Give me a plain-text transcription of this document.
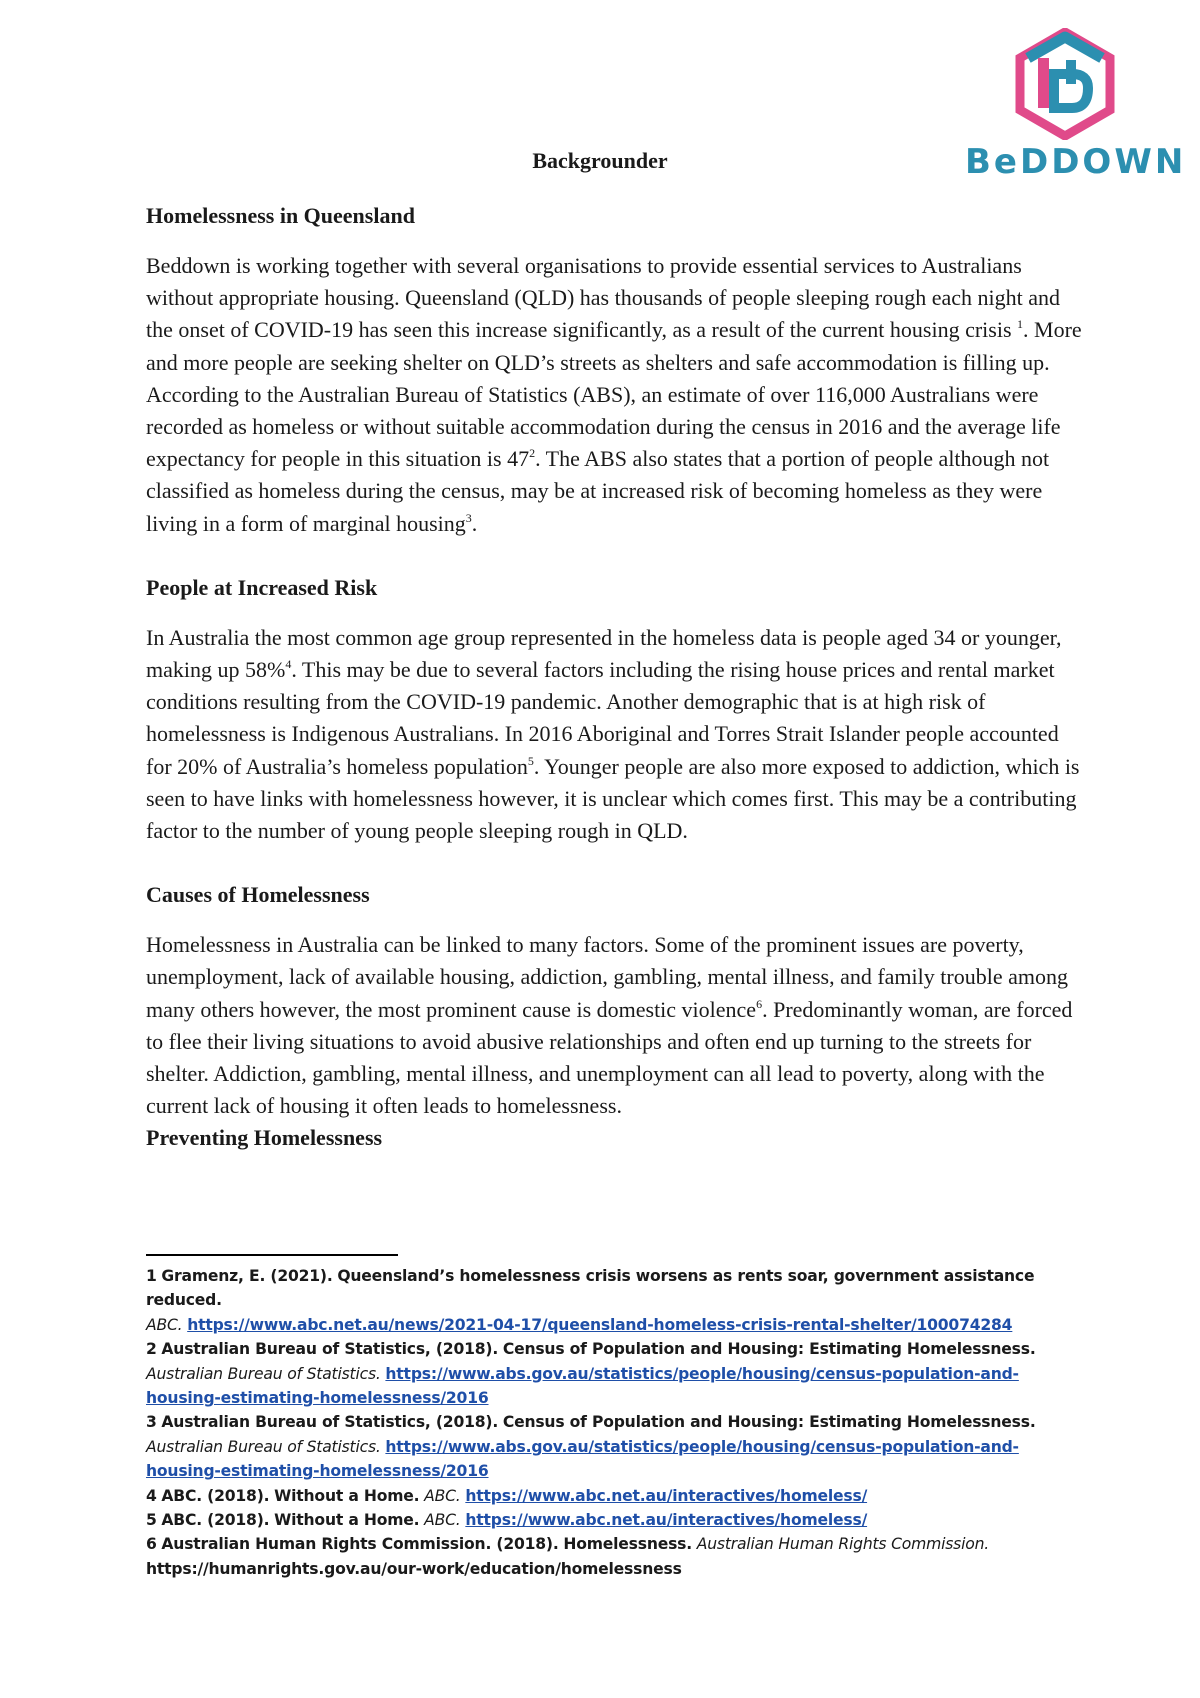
BeDDOWN
Backgrounder
Homelessness in Queensland

Beddown is working together with several organisations to provide essential services to Australians without appropriate housing. Queensland (QLD) has thousands of people sleeping rough each night and the onset of COVID-19 has seen this increase significantly, as a result of the current housing crisis $^1$. More and more people are seeking shelter on QLD’s streets as shelters and safe accommodation is filling up. According to the Australian Bureau of Statistics (ABS), an estimate of over 116,000 Australians were recorded as homeless or without suitable accommodation during the census in 2016 and the average life expectancy for people in this situation is $47^2$. The ABS also states that a portion of people although not classified as homeless during the census, may be at increased risk of becoming homeless as they were living in a form of marginal housing$^3$.

People at Increased Risk

In Australia the most common age group represented in the homeless data is people aged 34 or younger, making up 58%$^4$. This may be due to several factors including the rising house prices and rental market conditions resulting from the COVID-19 pandemic. Another demographic that is at high risk of homelessness is Indigenous Australians. In 2016 Aboriginal and Torres Strait Islander people accounted for 20% of Australia’s homeless population$^5$. Younger people are also more exposed to addiction, which is seen to have links with homelessness however, it is unclear which comes first. This may be a contributing factor to the number of young people sleeping rough in QLD.

Causes of Homelessness

Homelessness in Australia can be linked to many factors. Some of the prominent issues are poverty, unemployment, lack of available housing, addiction, gambling, mental illness, and family trouble among many others however, the most prominent cause is domestic violence$^6$. Predominantly woman, are forced to flee their living situations to avoid abusive relationships and often end up turning to the streets for shelter. Addiction, gambling, mental illness, and unemployment can all lead to poverty, along with the current lack of housing it often leads to homelessness.

Preventing Homelessness

1 Gramenz, E. (2021). Queensland’s homelessness crisis worsens as rents soar, government assistance reduced.
ABC. https://www.abc.net.au/news/2021-04-17/queensland-homeless-crisis-rental-shelter/100074284

2 Australian Bureau of Statistics, (2018). Census of Population and Housing: Estimating Homelessness.
Australian Bureau of Statistics. https://www.abs.gov.au/statistics/people/housing/census-population-and-housing-estimating-homelessness/2016

3 Australian Bureau of Statistics, (2018). Census of Population and Housing: Estimating Homelessness.
Australian Bureau of Statistics. https://www.abs.gov.au/statistics/people/housing/census-population-and-housing-estimating-homelessness/2016

4 ABC. (2018). Without a Home. ABC. https://www.abc.net.au/interactives/homeless/

5 ABC. (2018). Without a Home. ABC. https://www.abc.net.au/interactives/homeless/

6 Australian Human Rights Commission. (2018). Homelessness. Australian Human Rights Commission.
https://humanrights.gov.au/our-work/education/homelessness
